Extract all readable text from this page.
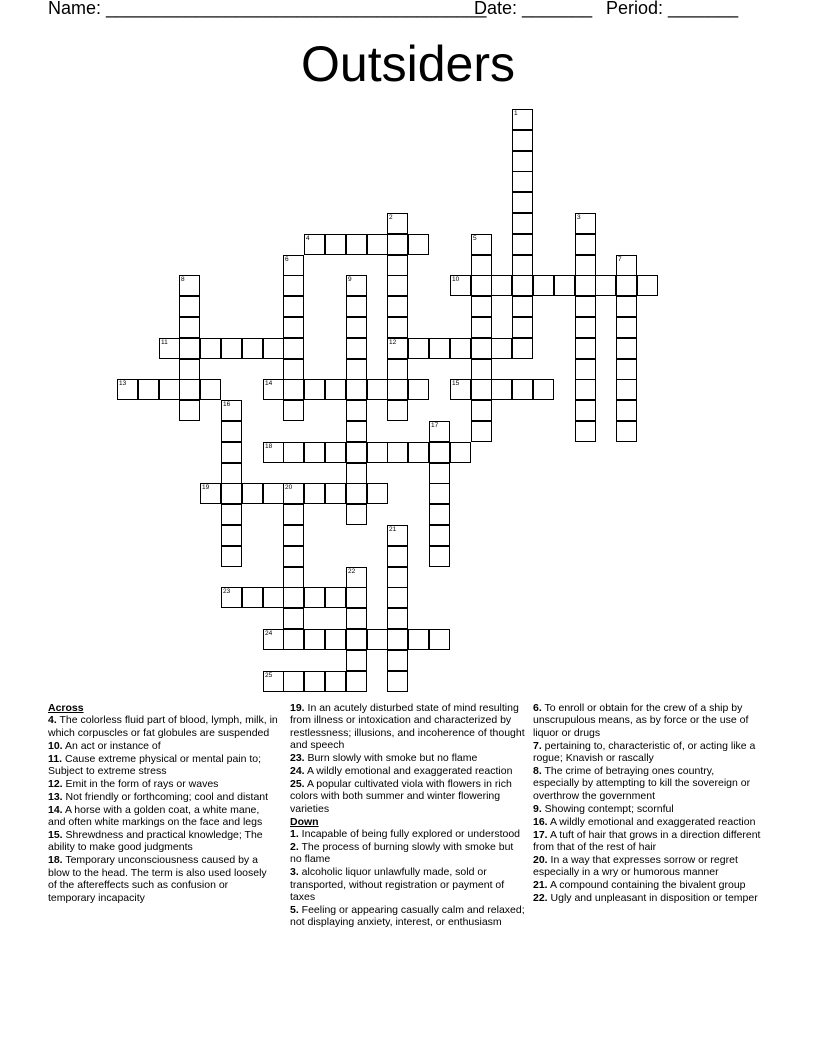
Name: ______________________________________
Date: _______ Period: _______
Outsiders
1
2
12
3
4	5
6	7
8	9	10
11
13	14	15
16
17
18
19	20
21
22
23
24
25
Across
4. The colorless fluid part of blood, lymph, milk, in which corpuscles or fat globules are suspended
10. An act or instance of
11. Cause extreme physical or mental pain to; Subject to extreme stress
12. Emit in the form of rays or waves
13. Not friendly or forthcoming; cool and distant
14. A horse with a golden coat, a white mane, and often white markings on the face and legs
15. Shrewdness and practical knowledge; The ability to make good judgments
18. Temporary unconsciousness caused by a blow to the head. The term is also used loosely of the aftereffects such as confusion or temporary incapacity
19. In an acutely disturbed state of mind resulting from illness or intoxication and characterized by restlessness; illusions, and incoherence of thought and speech
23. Burn slowly with smoke but no flame
24. A wildly emotional and exaggerated reaction
25. A popular cultivated viola with flowers in rich colors with both summer and winter flowering varieties
Down
1. Incapable of being fully explored or understood
2. The process of burning slowly with smoke but no flame
3. alcoholic liquor unlawfully made, sold or transported, without registration or payment of taxes
5. Feeling or appearing casually calm and relaxed; not displaying anxiety, interest, or enthusiasm
6. To enroll or obtain for the crew of a ship by unscrupulous means, as by force or the use of liquor or drugs
7. pertaining to, characteristic of, or acting like a rogue; Knavish or rascally
8. The crime of betraying ones country, especially by attempting to kill the sovereign or overthrow the government
9. Showing contempt; scornful
16. A wildly emotional and exaggerated reaction
17. A tuft of hair that grows in a direction different from that of the rest of hair
20. In a way that expresses sorrow or regret especially in a wry or humorous manner
21. A compound containing the bivalent group
22. Ugly and unpleasant in disposition or temper
